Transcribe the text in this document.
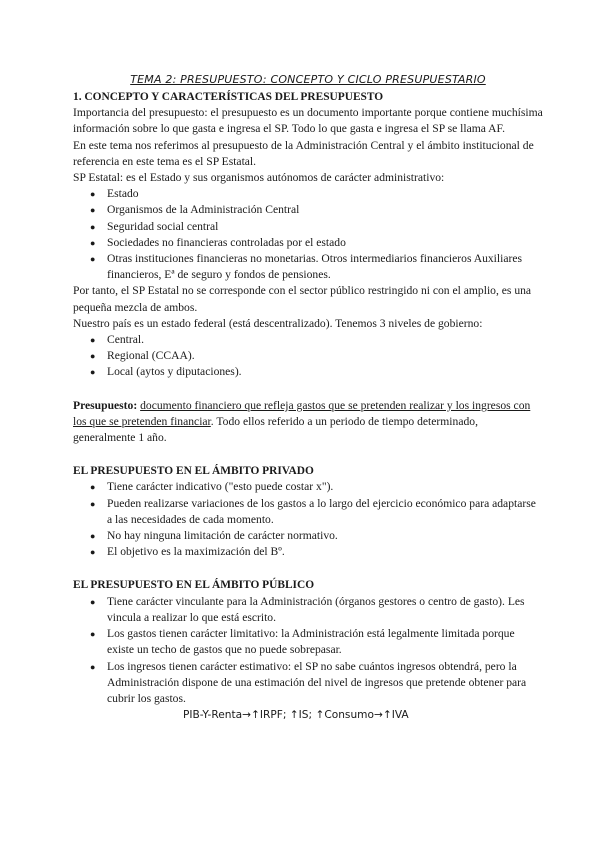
TEMA 2: PRESUPUESTO: CONCEPTO Y CICLO PRESUPUESTARIO
1. CONCEPTO Y CARACTERÍSTICAS DEL PRESUPUESTO

Importancia del presupuesto: el presupuesto es un documento importante porque contiene muchísima información sobre lo que gasta e ingresa el SP. Todo lo que gasta e ingresa el SP se llama AF.

En este tema nos referimos al presupuesto de la Administración Central y el ámbito institucional de referencia en este tema es el SP Estatal.

SP Estatal: es el Estado y sus organismos autónomos de carácter administrativo:

● Estado
● Organismos de la Administración Central
● Seguridad social central
● Sociedades no financieras controladas por el estado
● Otras instituciones financieras no monetarias. Otros intermediarios financieros Auxiliares financieros, Eª de seguro y fondos de pensiones.

Por tanto, el SP Estatal no se corresponde con el sector público restringido ni con el amplio, es una pequeña mezcla de ambos.

Nuestro país es un estado federal (está descentralizado). Tenemos 3 niveles de gobierno:

● Central.
● Regional (CCAA).
● Local (aytos y diputaciones).

Presupuesto: documento financiero que refleja gastos que se pretenden realizar y los ingresos con los que se pretenden financiar. Todo ellos referido a un periodo de tiempo determinado, generalmente 1 año.

EL PRESUPUESTO EN EL ÁMBITO PRIVADO
● Tiene carácter indicativo ("esto puede costar x").
● Pueden realizarse variaciones de los gastos a lo largo del ejercicio económico para adaptarse a las necesidades de cada momento.
● No hay ninguna limitación de carácter normativo.
● El objetivo es la maximización del Bº.
EL PRESUPUESTO EN EL ÁMBITO PÚBLICO
● Tiene carácter vinculante para la Administración (órganos gestores o centro de gasto). Les vincula a realizar lo que está escrito.
● Los gastos tienen carácter limitativo: la Administración está legalmente limitada porque existe un techo de gastos que no puede sobrepasar.
● Los ingresos tienen carácter estimativo: el SP no sabe cuántos ingresos obtendrá, pero la Administración dispone de una estimación del nivel de ingresos que pretende obtener para cubrir los gastos.
PIB-Y-Renta→↑IRPF; ↑IS; ↑Consumo→↑IVA
